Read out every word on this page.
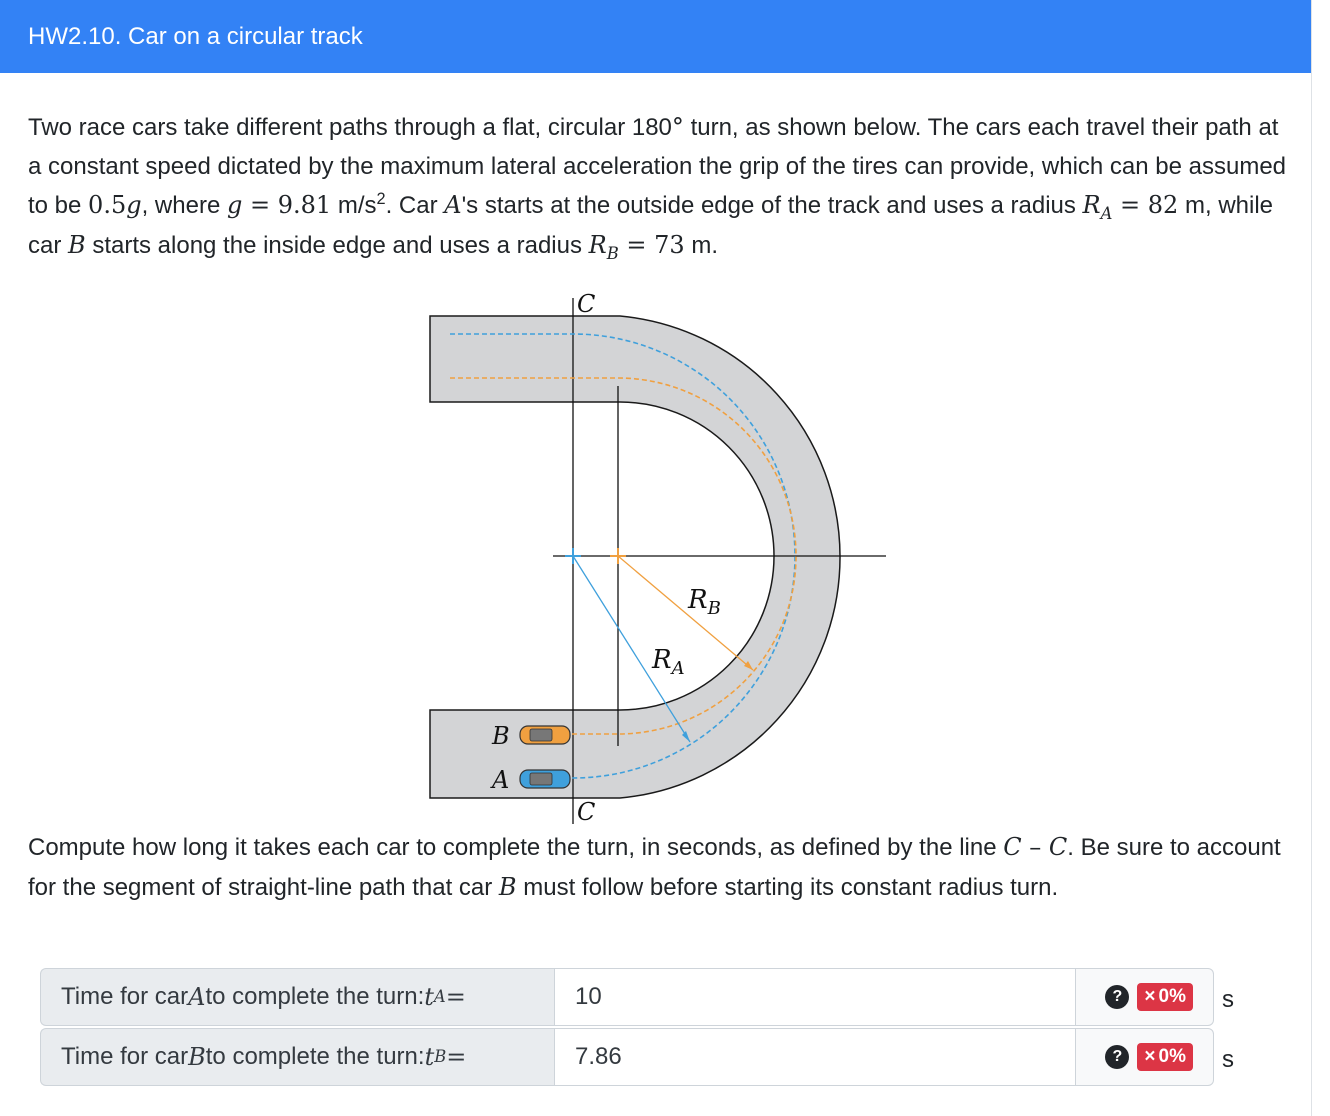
HW2.10. Car on a circular track

Two race cars take different paths through a flat, circular 180° turn, as shown below. The cars each travel their path at a constant speed dictated by the maximum lateral acceleration the grip of the tires can provide, which can be assumed to be 0.5g, where g = 9.81 $m/s^2$. Car A's starts at the outside edge of the track and uses a radius $R_A = 82$ m, while car B starts along the inside edge and uses a radius $R_B = 73$ m.

C
C
$R_B$
$R_A$
B
A

Compute how long it takes each car to complete the turn, in seconds, as defined by the line C – C. Be sure to account for the segment of straight-line path that car B must follow before starting its constant radius turn.

Time for car A to complete the turn: t A =	10	?	× 0% s
Time for car B to complete the turn: t B =	7.86	?	× 0% s
